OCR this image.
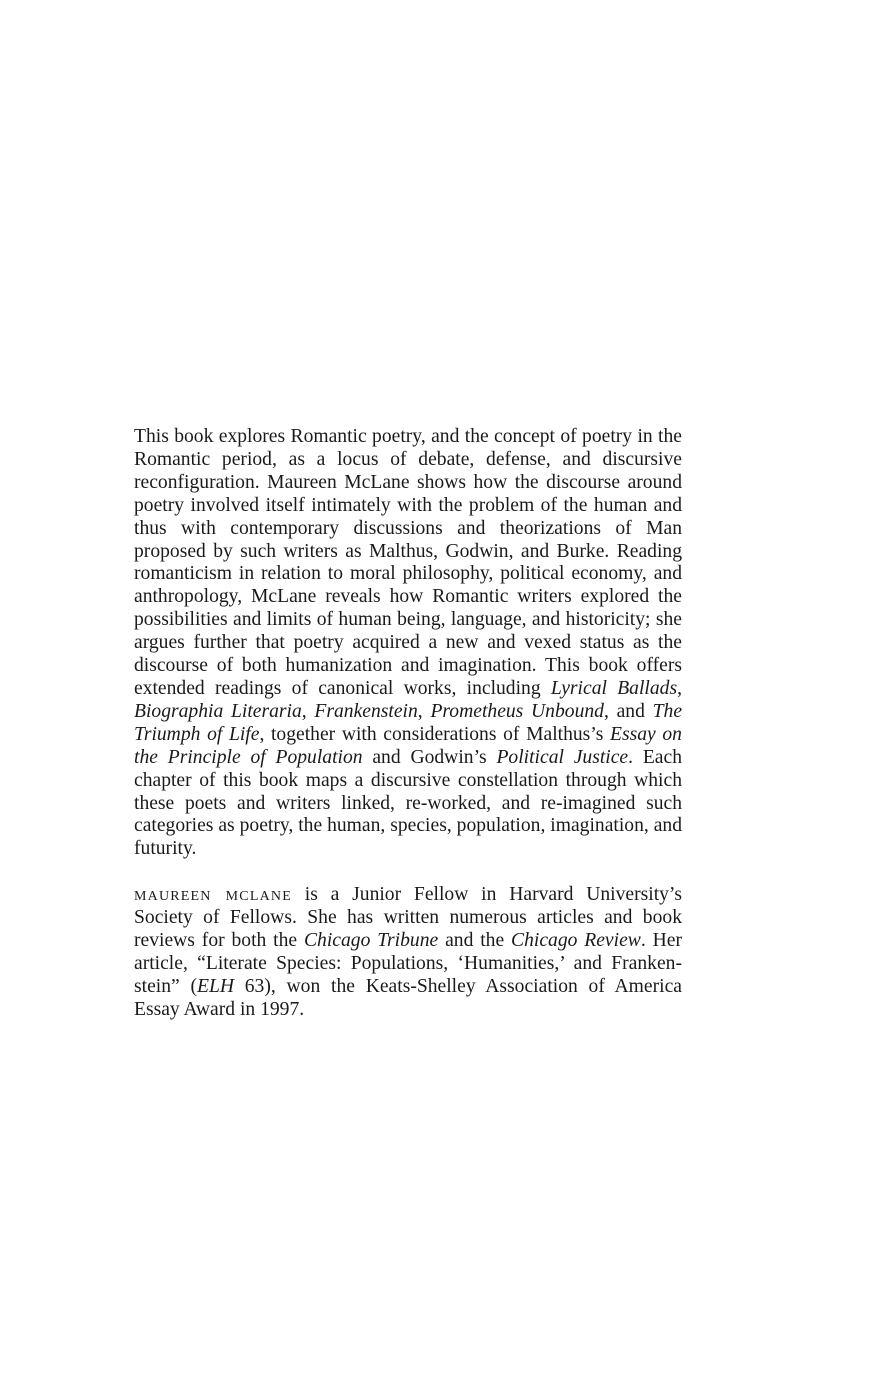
This book explores Romantic poetry, and the concept of poetry in the Romantic period, as a locus of debate, defense, and discursive reconfiguration. Maureen McLane shows how the discourse around poetry involved itself intimately with the problem of the human and thus with contemporary discussions and theorizations of Man proposed by such writers as Malthus, Godwin, and Burke. Reading romanticism in relation to moral philosophy, political economy, and anthropology, McLane reveals how Romantic writers explored the possibilities and limits of human being, language, and historicity; she argues further that poetry acquired a new and vexed status as the discourse of both humanization and imagination. This book offers extended readings of canonical works, including Lyrical Ballads, Biographia Literaria, Frankenstein, Prometheus Unbound, and The Triumph of Life, together with considerations of Malthus’s Essay on the Principle of Population and Godwin’s Political Justice. Each chapter of this book maps a discursive constellation through which these poets and writers linked, re-worked, and re-imagined such categories as poetry, the human, species, population, imagination, and futurity.

maureen mclane is a Junior Fellow in Harvard University’s Society of Fellows. She has written numerous articles and book reviews for both the Chicago Tribune and the Chicago Review. Her article, “Literate Species: Populations, ‘Humanities,’ and Frankenstein” (ELH 63), won the Keats-Shelley Association of America Essay Award in 1997.
